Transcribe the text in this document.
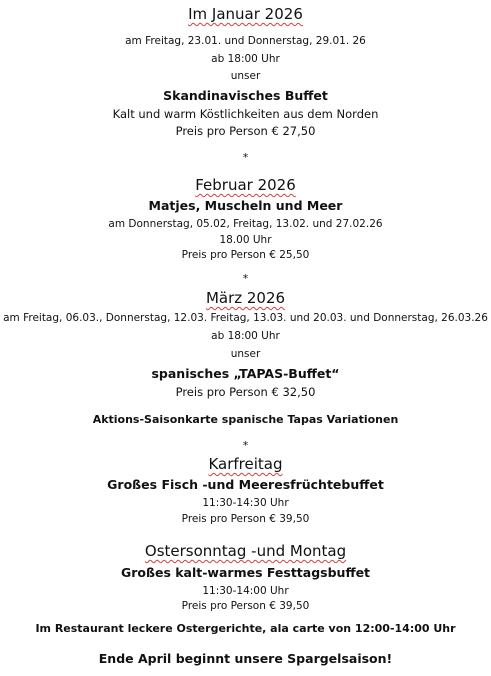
Im Januar 2026
am Freitag, 23.01. und Donnerstag, 29.01. 26
ab 18:00 Uhr
unser
Skandinavisches Buffet
Kalt und warm Köstlichkeiten aus dem Norden
Preis pro Person € 27,50
*
Februar 2026
Matjes, Muscheln und Meer
am Donnerstag, 05.02, Freitag, 13.02. und 27.02.26
18.00 Uhr
Preis pro Person € 25,50
*
März 2026
am Freitag, 06.03., Donnerstag, 12.03. Freitag, 13.03. und 20.03. und Donnerstag, 26.03.26
ab 18:00 Uhr
unser
spanisches „TAPAS-Buffet“
Preis pro Person € 32,50
Aktions-Saisonkarte spanische Tapas Variationen
*
Karfreitag
Großes Fisch -und Meeresfrüchtebuffet
11:30-14:30 Uhr
Preis pro Person € 39,50
Ostersonntag -und Montag
Großes kalt-warmes Festtagsbuffet
11:30-14:00 Uhr
Preis pro Person € 39,50
Im Restaurant leckere Ostergerichte, ala carte von 12:00-14:00 Uhr
Ende April beginnt unsere Spargelsaison!
